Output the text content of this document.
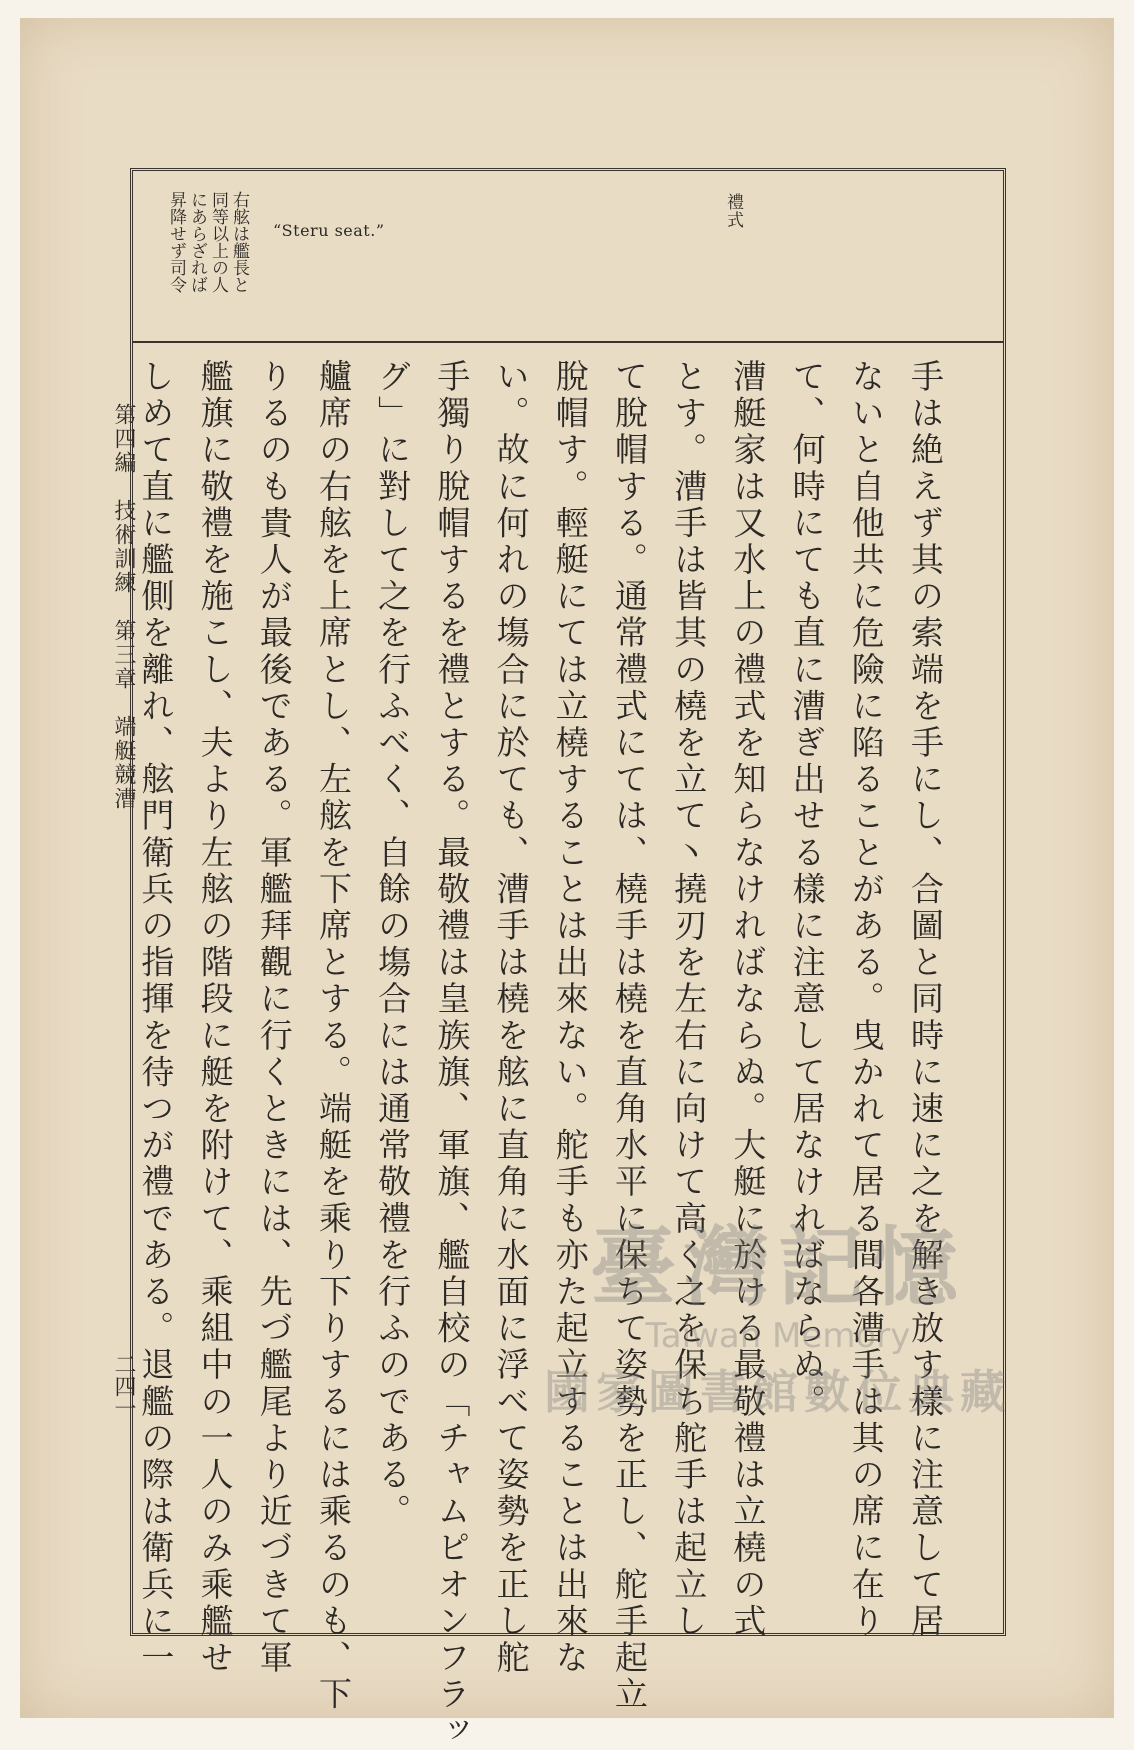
第四編　技術訓練　第三章　端艇競漕
二四一
禮式
“Steru seat.”
右舷は艦長と
同等以上の人
にあらざれば
昇降せず司令
手は絶えず其の索端を手にし、合圖と同時に速に之を解き放す樣に注意して居
ないと自他共に危險に陷ることがある。曳かれて居る間各漕手は其の席に在り
て、何時にても直に漕ぎ出せる樣に注意して居なければならぬ。
漕艇家は又水上の禮式を知らなければならぬ。大艇に於ける最敬禮は立橈の式
とす。漕手は皆其の橈を立て丶撓刃を左右に向けて高く之を保ち舵手は起立し
て脫帽する。通常禮式にては、橈手は橈を直角水平に保ちて姿勢を正し、舵手起立
脫帽す。輕艇にては立橈することは出來ない。舵手も亦た起立することは出來な
い。故に何れの塲合に於ても、漕手は橈を舷に直角に水面に浮べて姿勢を正し舵
手獨り脫帽するを禮とする。最敬禮は皇族旗、軍旗、艦自校の「チャムピオンフラッ
グ」に對して之を行ふべく、自餘の塲合には通常敬禮を行ふのである。
艫席の右舷を上席とし、左舷を下席とする。端艇を乘り下りするには乘るのも、下
りるのも貴人が最後である。軍艦拜觀に行くときには、先づ艦尾より近づきて軍
艦旗に敬禮を施こし、夫より左舷の階段に艇を附けて、乘組中の一人のみ乘艦せ
しめて直に艦側を離れ、舷門衛兵の指揮を待つが禮である。退艦の際は衛兵に一	臺灣記憶
Taiwan Memory
國家圖書館數位典藏
